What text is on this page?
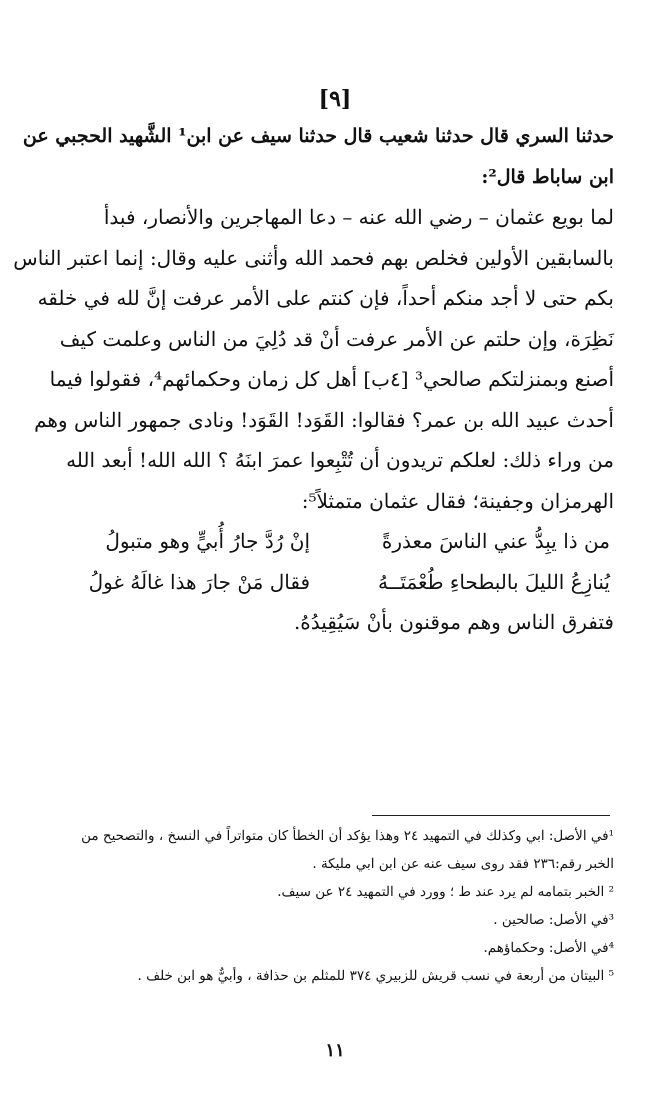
[٩]
حدثنا السري قال حدثنا شعيب قال حدثنا سيف عن ابن¹ الشَّهيد الحجبي عن
ابن ساباط قال²:
لما بويع عثمان – رضي الله عنه – دعا المهاجرين والأنصار، فبدأ
بالسابقين الأولين فخلص بهم فحمد الله وأثنى عليه وقال: إنما اعتبر الناس
بكم حتى لا أجد منكم أحداً، فإن كنتم على الأمر عرفت إنَّ لله في خلقه
نَظِرَة، وإن حلتم عن الأمر عرفت أنْ قد دُلِيَ من الناس وعلمت كيف
أصنع وبمنزلتكم صالحي³ [٤ب] أهل كل زمان وحكمائهم⁴، فقولوا فيما
أحدث عبيد الله بن عمر؟ فقالوا: القَوَد! القَوَد! ونادى جمهور الناس وهم
من وراء ذلك: لعلكم تريدون أن تُتْبِعوا عمرَ ابنَهُ ؟ الله الله! أبعد الله
الهرمزان وجفينة؛ فقال عثمان متمثلاً⁵:
من ذا يبِدُّ عني الناسَ معذرةً
إنْ رُدَّ جارُ أُبيٍّ وهو متبولُ
يُنازِعُ الليلَ بالبطحاءِ طُعْمَتَــهُ
فقال مَنْ جارَ هذا غالَهُ غولُ
فتفرق الناس وهم موقنون بأنْ سَيُقِيدُهُ.
¹في الأصل: ابي وكذلك في التمهيد ٢٤ وهذا يؤكد أن الخطأ كان متواتراً في النسخ ، والتصحيح من
الخبر رقم:٢٣٦ فقد روى سيف عنه عن ابن ابي مليكة .
² الخبر بتمامه لم يرد عند ط ؛ وورد في التمهيد ٢٤ عن سيف.
³في الأصل: صالحين .
⁴في الأصل: وحكماؤهم.
⁵ البيتان من أربعة في نسب قريش للزبيري ٣٧٤ للمثلم بن حذافة ، وأبيٌّ هو ابن خلف .
١١
